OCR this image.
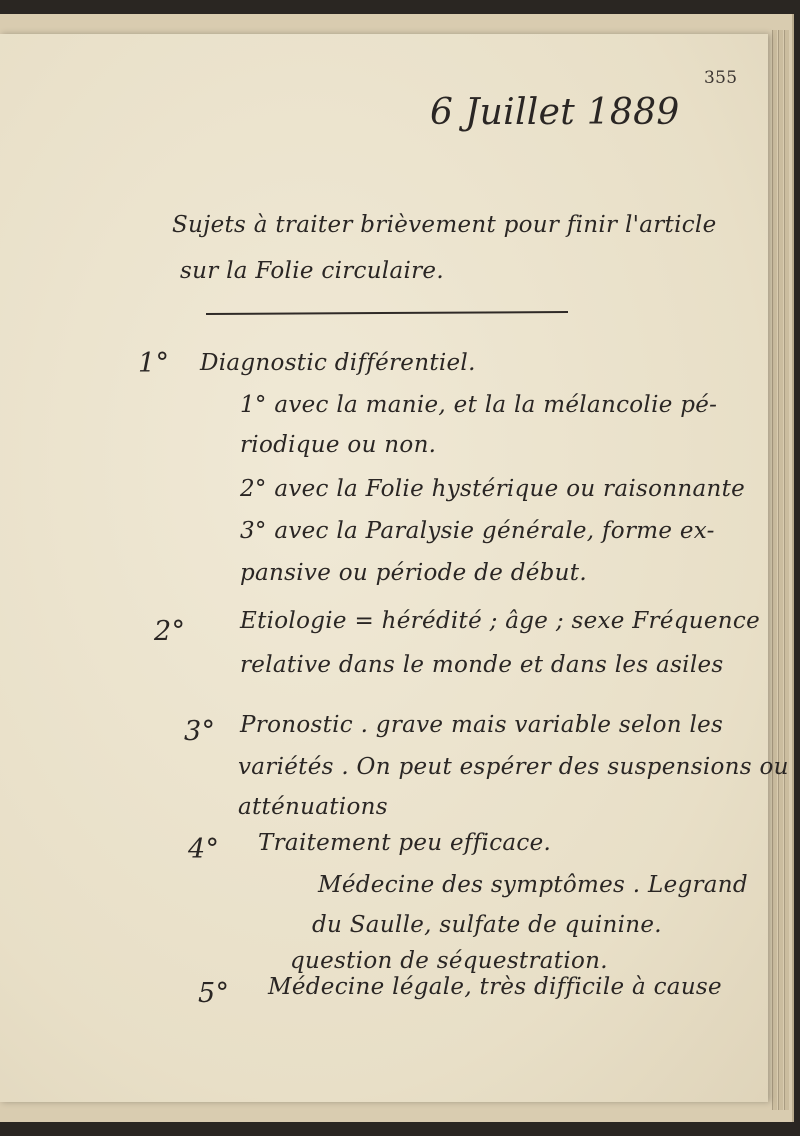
355
6 Juillet 1889
Sujets à traiter brièvement pour finir l'article
sur la Folie circulaire.
1° Diagnostic différentiel.
1° avec la manie, et la la mélancolie pé-
riodique ou non.
2° avec la Folie hystérique ou raisonnante
3° avec la Paralysie générale, forme ex-
pansive ou période de début.
2° Etiologie = hérédité ; âge ; sexe Fréquence
relative dans le monde et dans les asiles
3° Pronostic . grave mais variable selon les
variétés . On peut espérer des suspensions ou
atténuations
4° Traitement peu efficace.
Médecine des symptômes . Legrand
du Saulle, sulfate de quinine.
question de séquestration.
5° Médecine légale, très difficile à cause
